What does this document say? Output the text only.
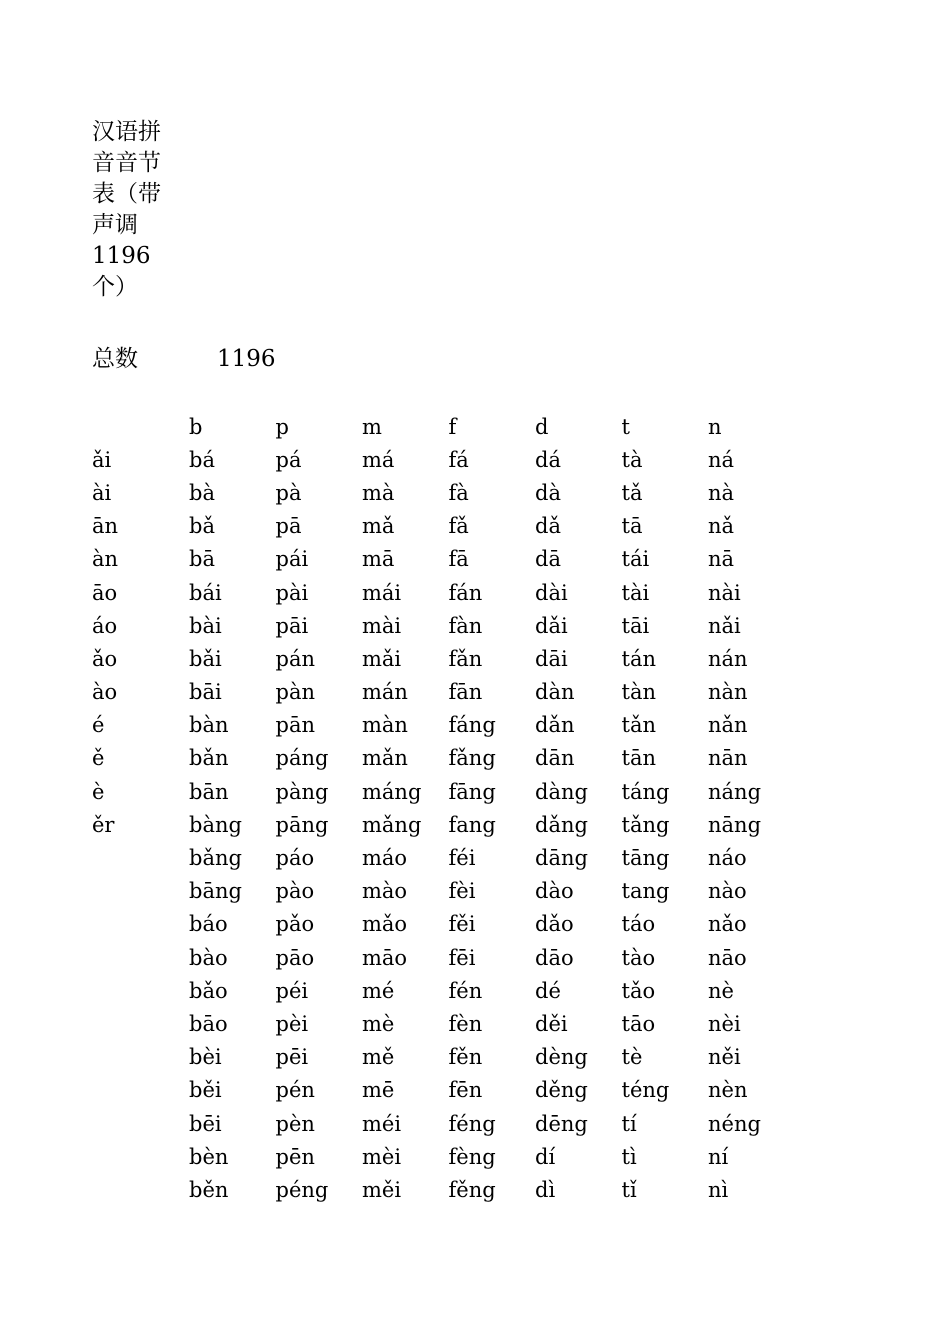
汉语拼
音音节
表（带
声调
1196
个）
总数	1196
	b	p	m	f	d	t	n
ǎi	bá	pá	má	fá	dá	tà	ná
ài	bà	pà	mà	fà	dà	tǎ	nà
ān	bǎ	pā	mǎ	fǎ	dǎ	tā	nǎ
àn	bā	pái	mā	fā	dā	tái	nā
āo	bái	pài	mái	fán	dài	tài	nài
áo	bài	pāi	mài	fàn	dǎi	tāi	nǎi
ǎo	bǎi	pán	mǎi	fǎn	dāi	tán	nán
ào	bāi	pàn	mán	fān	dàn	tàn	nàn
é	bàn	pān	màn	fáng	dǎn	tǎn	nǎn
ě	bǎn	páng	mǎn	fǎng	dān	tān	nān
è	bān	pàng	máng	fāng	dàng	táng	náng
ěr	bàng	pāng	mǎng	fang	dǎng	tǎng	nāng
	bǎng	páo	máo	féi	dāng	tāng	náo
	bāng	pào	mào	fèi	dào	tang	nào
	báo	pǎo	mǎo	fěi	dǎo	táo	nǎo
	bào	pāo	māo	fēi	dāo	tào	nāo
	bǎo	péi	mé	fén	dé	tǎo	nè
	bāo	pèi	mè	fèn	děi	tāo	nèi
	bèi	pēi	mě	fěn	dèng	tè	něi
	běi	pén	mē	fēn	děng	téng	nèn
	bēi	pèn	méi	féng	dēng	tí	néng
	bèn	pēn	mèi	fèng	dí	tì	ní
	běn	péng	měi	fěng	dì	tǐ	nì
